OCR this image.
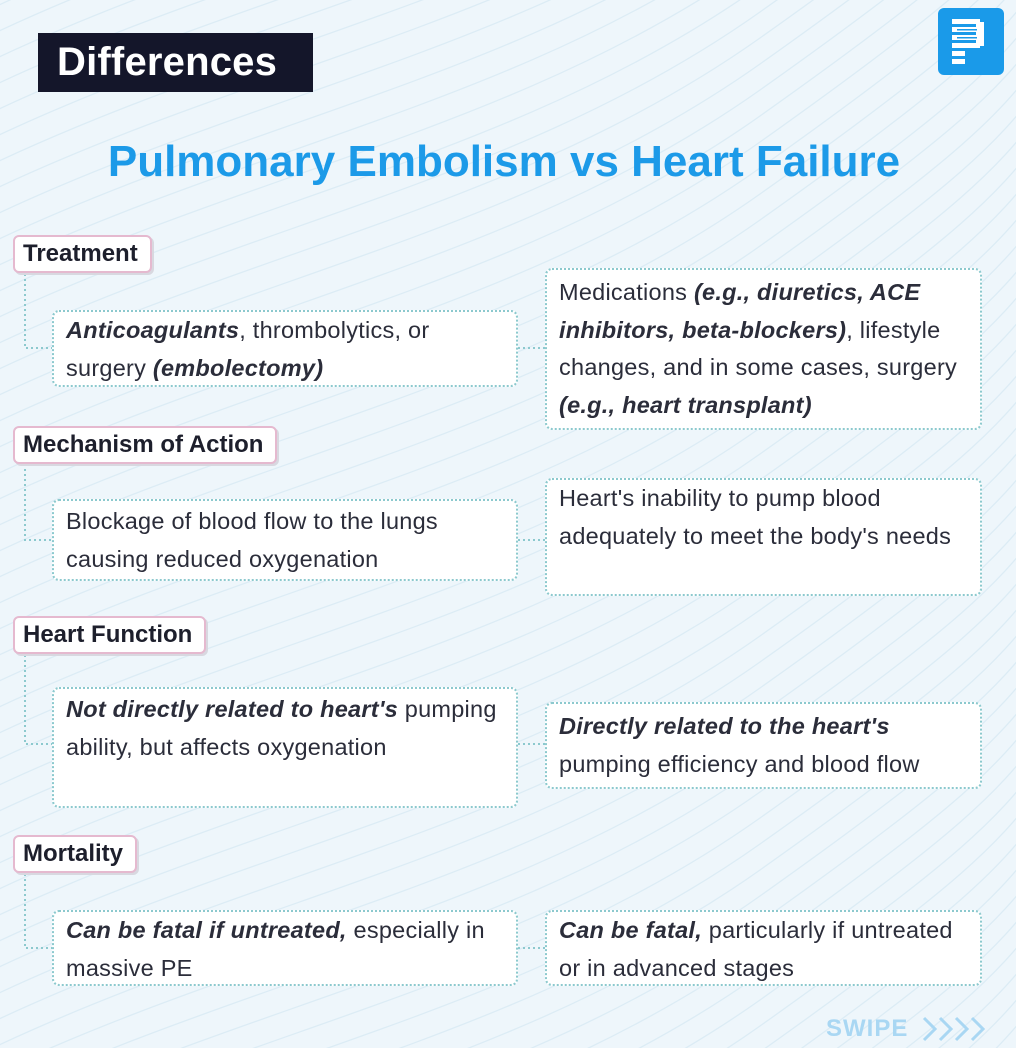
Differences
Pulmonary Embolism vs Heart Failure
Treatment
Anticoagulants, thrombolytics, or surgery (embolectomy)
Medications (e.g., diuretics, ACE inhibitors, beta-blockers), lifestyle changes, and in some cases, surgery (e.g., heart transplant)
Mechanism of Action
Blockage of blood flow to the lungs causing reduced oxygenation
Heart's inability to pump blood adequately to meet the body's needs
Heart Function
Not directly related to heart's pumping ability, but affects oxygenation
Directly related to the heart's pumping efficiency and blood flow
Mortality
Can be fatal if untreated, especially in massive PE
Can be fatal, particularly if untreated or in advanced stages
SWIPE
